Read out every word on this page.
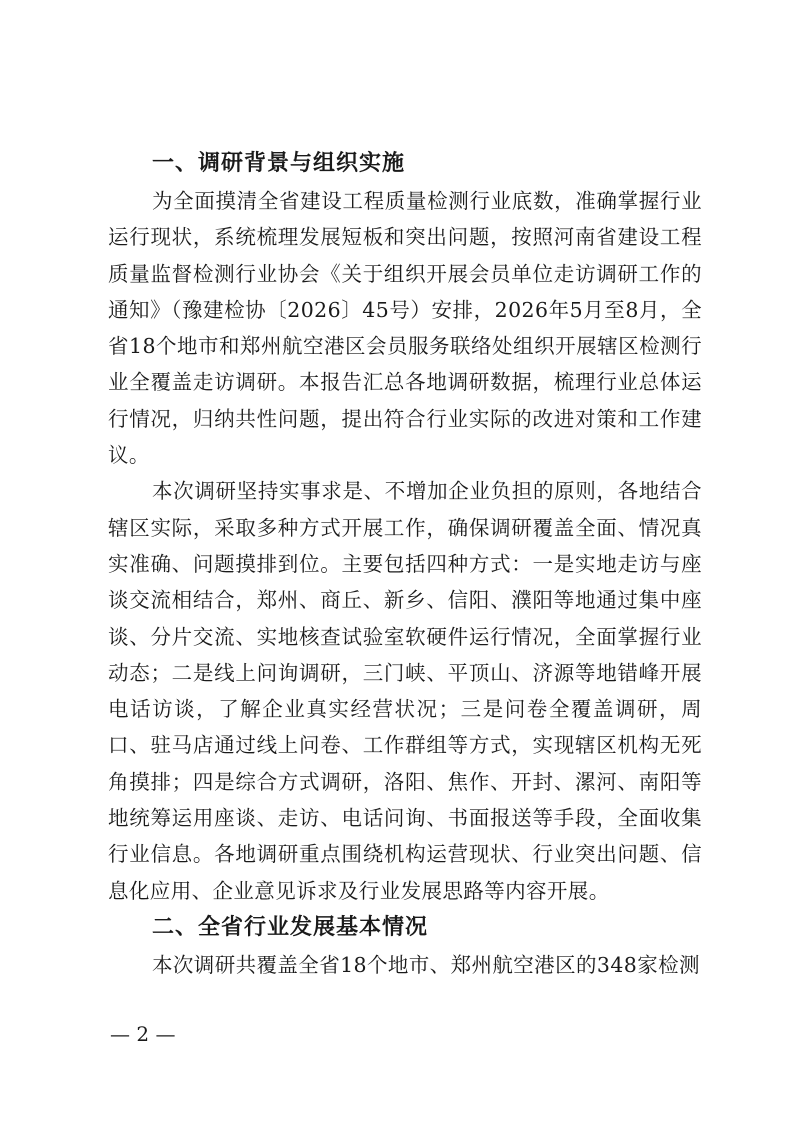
一、调研背景与组织实施

为全面摸清全省建设工程质量检测行业底数，准确掌握行业运行现状，系统梳理发展短板和突出问题，按照河南省建设工程质量监督检测行业协会《关于组织开展会员单位走访调研工作的通知》（豫建检协〔2026〕45号）安排，2026年5月至8月，全省18个地市和郑州航空港区会员服务联络处组织开展辖区检测行业全覆盖走访调研。本报告汇总各地调研数据，梳理行业总体运行情况，归纳共性问题，提出符合行业实际的改进对策和工作建议。

本次调研坚持实事求是、不增加企业负担的原则，各地结合辖区实际，采取多种方式开展工作，确保调研覆盖全面、情况真实准确、问题摸排到位。主要包括四种方式：一是实地走访与座谈交流相结合，郑州、商丘、新乡、信阳、濮阳等地通过集中座谈、分片交流、实地核查试验室软硬件运行情况，全面掌握行业动态；二是线上问询调研，三门峡、平顶山、济源等地错峰开展电话访谈，了解企业真实经营状况；三是问卷全覆盖调研，周口、驻马店通过线上问卷、工作群组等方式，实现辖区机构无死角摸排；四是综合方式调研，洛阳、焦作、开封、漯河、南阳等地统筹运用座谈、走访、电话问询、书面报送等手段，全面收集行业信息。各地调研重点围绕机构运营现状、行业突出问题、信息化应用、企业意见诉求及行业发展思路等内容开展。

二、全省行业发展基本情况

本次调研共覆盖全省18个地市、郑州航空港区的348家检测

— 2 —
